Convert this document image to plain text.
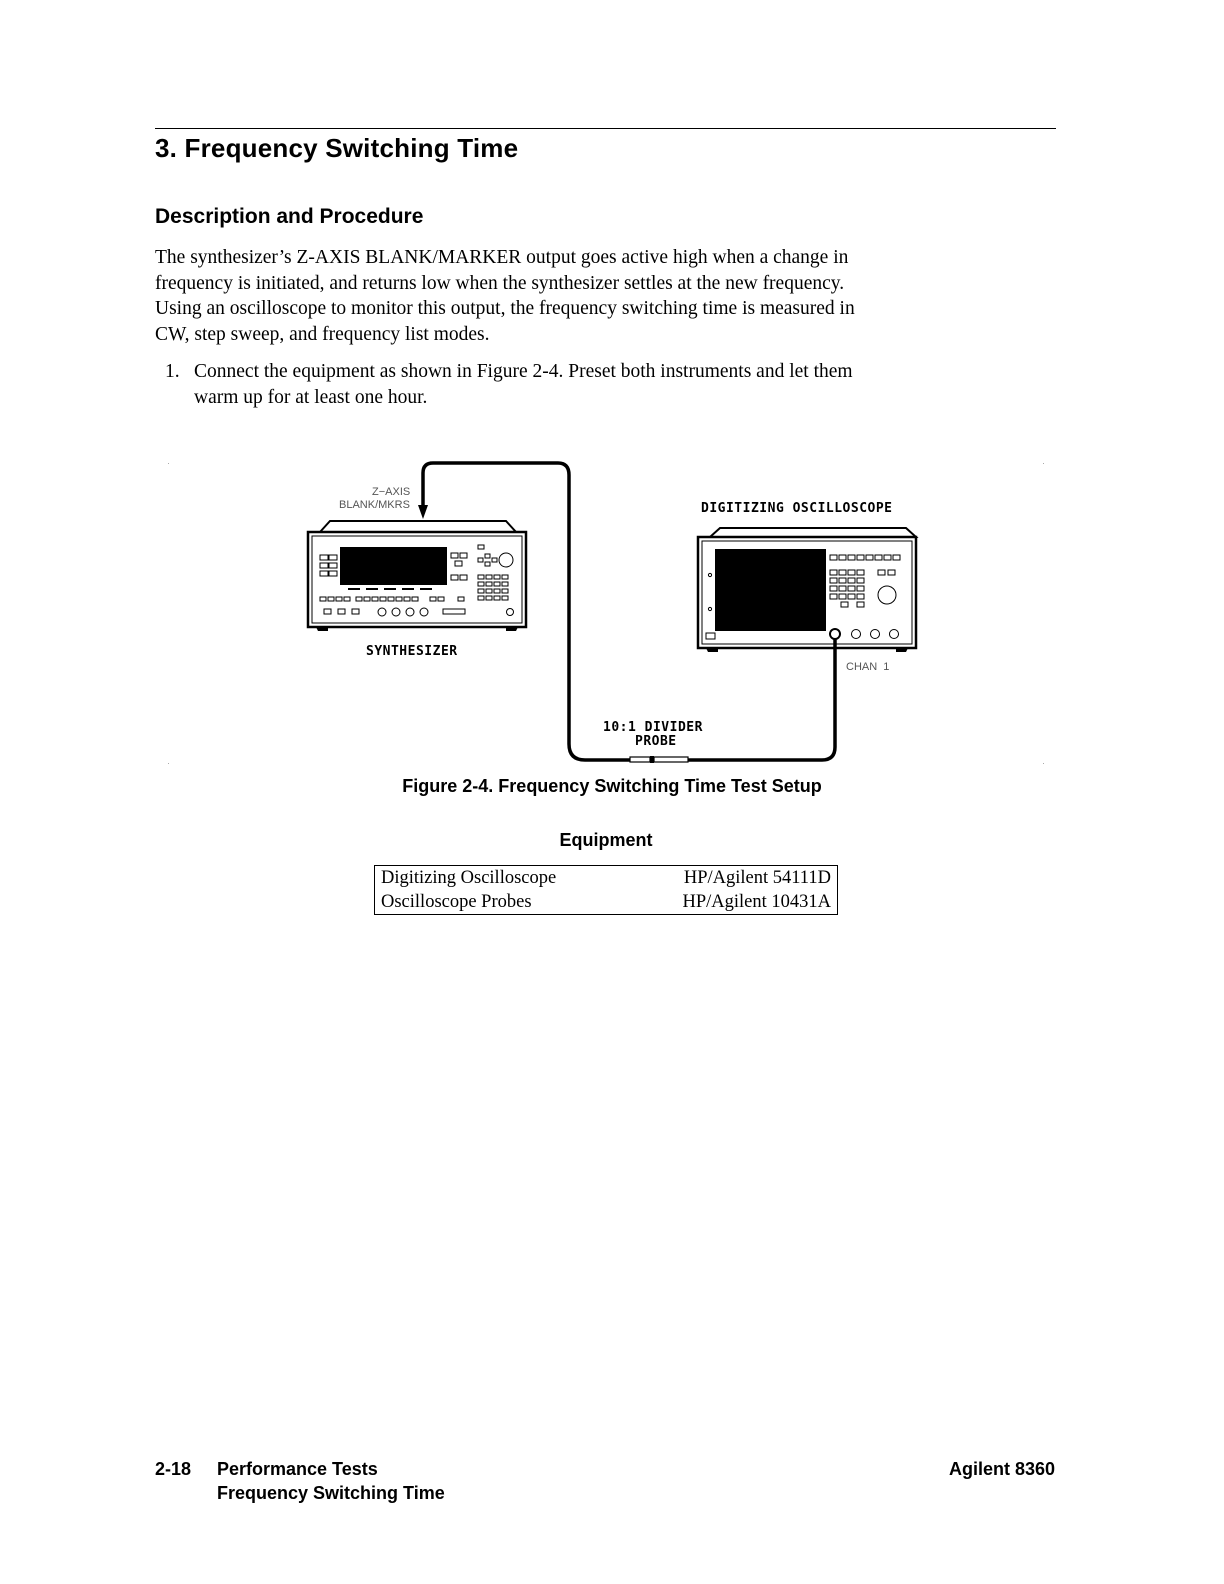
3. Frequency Switching Time
Description and Procedure
The synthesizer’s Z-AXIS BLANK/MARKER output goes active high when a change in
frequency is initiated, and returns low when the synthesizer settles at the new frequency.
Using an oscilloscope to monitor this output, the frequency switching time is measured in
CW, step sweep, and frequency list modes.
1. Connect the equipment as shown in Figure 2-4. Preset both instruments and let them
warm up for at least one hour.
Z−AXIS
BLANK/MKRS	DIGITIZING OSCILLOSCOPE
SYNTHESIZER
CHAN  1
10:1 DIVIDER
PROBE
Figure 2-4. Frequency Switching Time Test Setup
Equipment
Digitizing Oscilloscope	HP/Agilent 54111D
Oscilloscope Probes	HP/Agilent 10431A
2-18 Performance Tests
Frequency Switching Time
Agilent 8360
